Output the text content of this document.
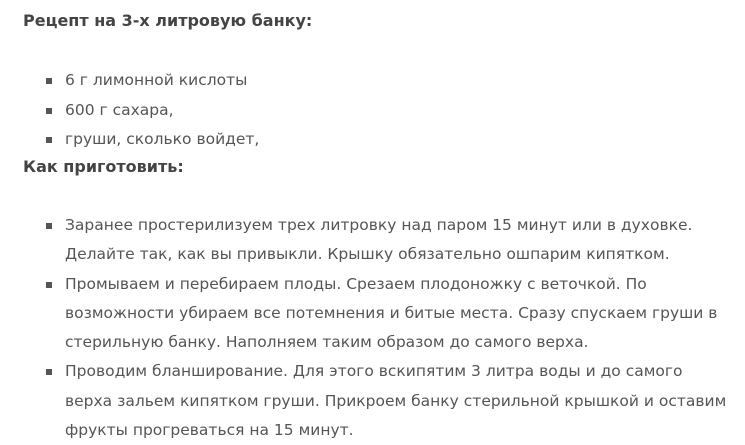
Рецепт на 3-х литровую банку:

6 г лимонной кислоты
600 г сахара,
груши, сколько войдет,

Как приготовить:

Заранее простерилизуем трех литровку над паром 15 минут или в духовке. Делайте так, как вы привыкли. Крышку обязательно ошпарим кипятком.
Промываем и перебираем плоды. Срезаем плодоножку с веточкой. По возможности убираем все потемнения и битые места. Сразу спускаем груши в стерильную банку. Наполняем таким образом до самого верха.
Проводим бланширование. Для этого вскипятим 3 литра воды и до самого верха зальем кипятком груши. Прикроем банку стерильной крышкой и оставим фрукты прогреваться на 15 минут.
